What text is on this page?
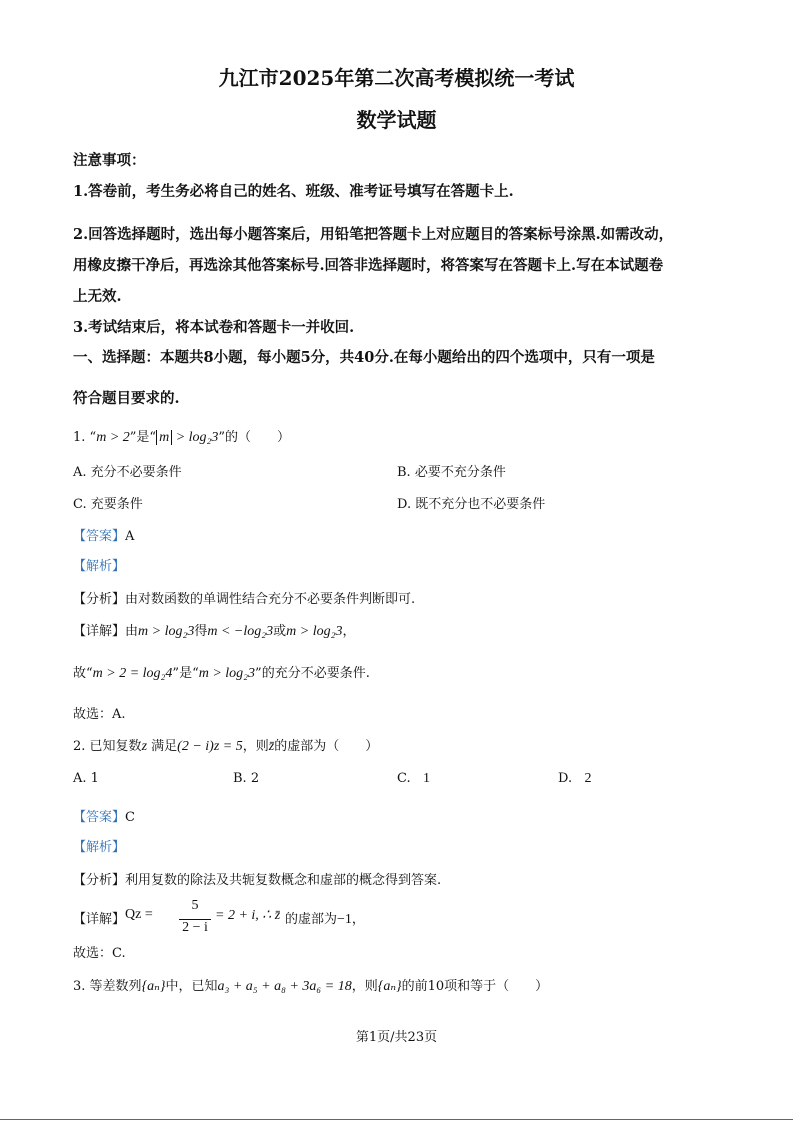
九江市2025年第二次高考模拟统一考试
数学试题
注意事项：
1.答卷前，考生务必将自己的姓名、班级、准考证号填写在答题卡上.
2.回答选择题时，选出每小题答案后，用铅笔把答题卡上对应题目的答案标号涂黑.如需改动，
用橡皮擦干净后，再选涂其他答案标号.回答非选择题时，将答案写在答题卡上.写在本试题卷
上无效.
3.考试结束后，将本试卷和答题卡一并收回.
一、选择题：本题共8小题，每小题5分，共40分.在每小题给出的四个选项中，只有一项是
符合题目要求的.
1. “m > 2”是“ m > log₂3”的（　　）
A. 充分不必要条件	B. 必要不充分条件
C. 充要条件	D. 既不充分也不必要条件
【答案】A
【解析】
【分析】由对数函数的单调性结合充分不必要条件判断即可.
【详解】由m > log₂3得m < −log₂3或m > log₂3，
故“m > 2 = log₂4”是“m > log₂3”的充分不必要条件.
故选：A.
2. 已知复数z 满足(2 − i)z = 5，则z̄的虚部为（　　）
A. 1	B. 2	C. 1	D. 2
【答案】C
【解析】
【分析】利用复数的除法及共轭复数概念和虚部的概念得到答案.
【详解】 Qz =
5
2 − i
= 2 + i, ∴ z̄ 的虚部为−1，
故选：C.
3. 等差数列{aₙ}中，已知a₃ + a₅ + a₈ + 3a₆ = 18，则{aₙ}的前10项和等于（　　）
第1页/共23页
